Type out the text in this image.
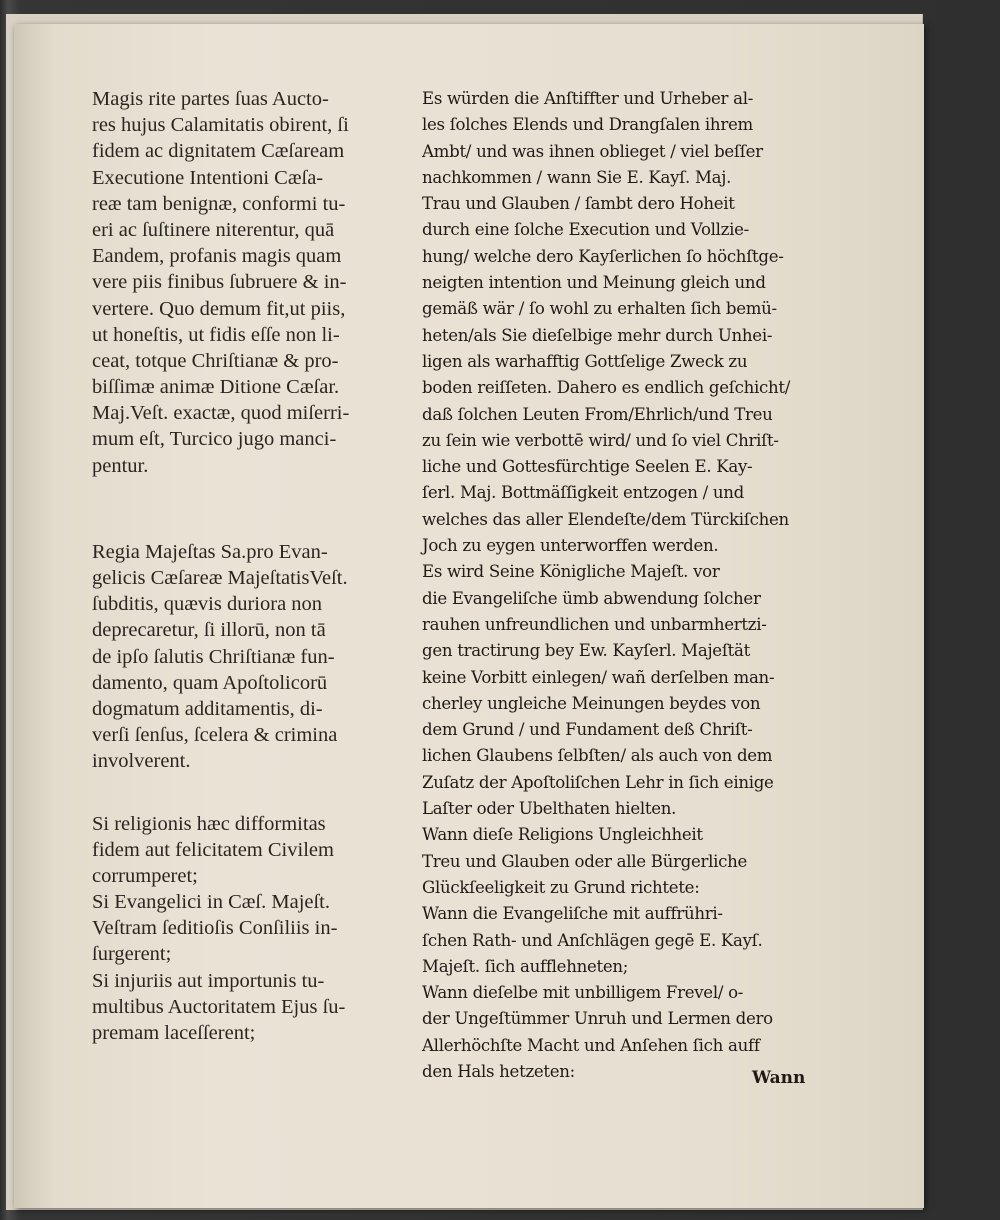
Magis rite partes ſuas Aucto-
res hujus Calamitatis obirent, ſi
fidem ac dignitatem Cæſaream
Executione Intentioni Cæſa-
reæ tam benignæ, conformi tu-
eri ac ſuſtinere niterentur, quā
Eandem, profanis magis quam
vere piis finibus ſubruere & in-
vertere. Quo demum fit,ut piis,
ut honeſtis, ut fidis eſſe non li-
ceat, totque Chriſtianæ & pro-
biſſimæ animæ Ditione Cæſar.
Maj.Veſt. exactæ, quod miſerri-
mum eſt, Turcico jugo manci-
pentur.
Regia Majeſtas Sa.pro Evan-
gelicis Cæſareæ MajeſtatisVeſt.
ſubditis, quævis duriora non
deprecaretur, ſi illorū, non tā
de ipſo ſalutis Chriſtianæ fun-
damento, quam Apoſtolicorū
dogmatum additamentis, di-
verſi ſenſus, ſcelera & crimina
involverent.
Si religionis hæc difformitas
fidem aut felicitatem Civilem
corrumperet;
Si Evangelici in Cæſ. Majeſt.
Veſtram ſeditioſis Conſiliis in-
ſurgerent;
Si injuriis aut importunis tu-
multibus Auctoritatem Ejus ſu-
premam laceſſerent;
Es würden die Anſtiffter und Urheber al-
les ſolches Elends und Drangſalen ihrem
Ambt/ und was ihnen oblieget / viel beſſer
nachkommen / wann Sie E. Kayſ. Maj.
Trau und Glauben / ſambt dero Hoheit
durch eine ſolche Execution und Vollzie-
hung/ welche dero Kayſerlichen ſo höchſtge-
neigten intention und Meinung gleich und
gemäß wär / ſo wohl zu erhalten ſich bemü-
heten/als Sie dieſelbige mehr durch Unhei-
ligen als warhafftig Gottſelige Zweck zu
boden reiſſeten. Dahero es endlich geſchicht/
daß ſolchen Leuten From/Ehrlich/und Treu
zu ſein wie verbottē wird/ und ſo viel Chriſt-
liche und Gottesfürchtige Seelen E. Kay-
ſerl. Maj. Bottmäſſigkeit entzogen / und
welches das aller Elendeſte/dem Türckiſchen
Joch zu eygen unterworffen werden.
Es wird Seine Königliche Majeſt. vor
die Evangeliſche ümb abwendung ſolcher
rauhen unfreundlichen und unbarmhertzi-
gen tractirung bey Ew. Kayſerl. Majeſtät
keine Vorbitt einlegen/ wañ derſelben man-
cherley ungleiche Meinungen beydes von
dem Grund / und Fundament deß Chriſt-
lichen Glaubens ſelbſten/ als auch von dem
Zuſatz der Apoſtoliſchen Lehr in ſich einige
Laſter oder Ubelthaten hielten.
Wann dieſe Religions Ungleichheit
Treu und Glauben oder alle Bürgerliche
Glückſeeligkeit zu Grund richtete:
Wann die Evangeliſche mit auffrühri-
ſchen Rath- und Anſchlägen gegē E. Kayſ.
Majeſt. ſich aufflehneten;
Wann dieſelbe mit unbilligem Frevel/ o-
der Ungeſtümmer Unruh und Lermen dero
Allerhöchſte Macht und Anſehen ſich auff
den Hals hetzeten:	Wann
